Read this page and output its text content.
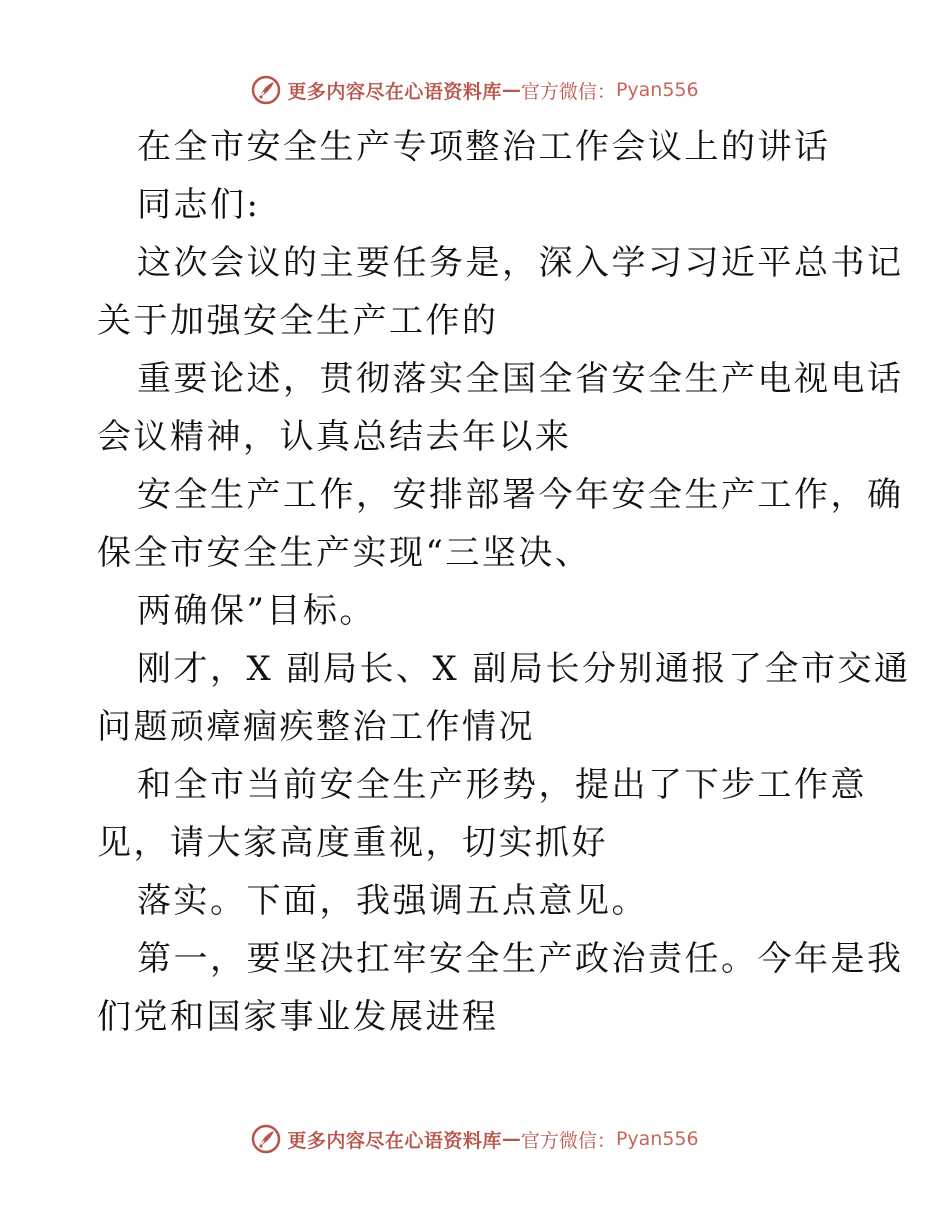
更多内容尽在心语资料库 — 官方微信： Pyan556
在全市安全生产专项整治工作会议上的讲话
同志们:
这次会议的主要任务是，深入学习习近平总书记
关于加强安全生产工作的
重要论述，贯彻落实全国全省安全生产电视电话
会议精神，认真总结去年以来
安全生产工作，安排部署今年安全生产工作，确
保全市安全生产实现“三坚决、
两确保”目标。
刚才，X 副局长、X 副局长分别通报了全市交通
问题顽瘴痼疾整治工作情况
和全市当前安全生产形势，提出了下步工作意
见，请大家高度重视，切实抓好
落实。下面，我强调五点意见。
第一，要坚决扛牢安全生产政治责任。今年是我
们党和国家事业发展进程
更多内容尽在心语资料库 — 官方微信： Pyan556
